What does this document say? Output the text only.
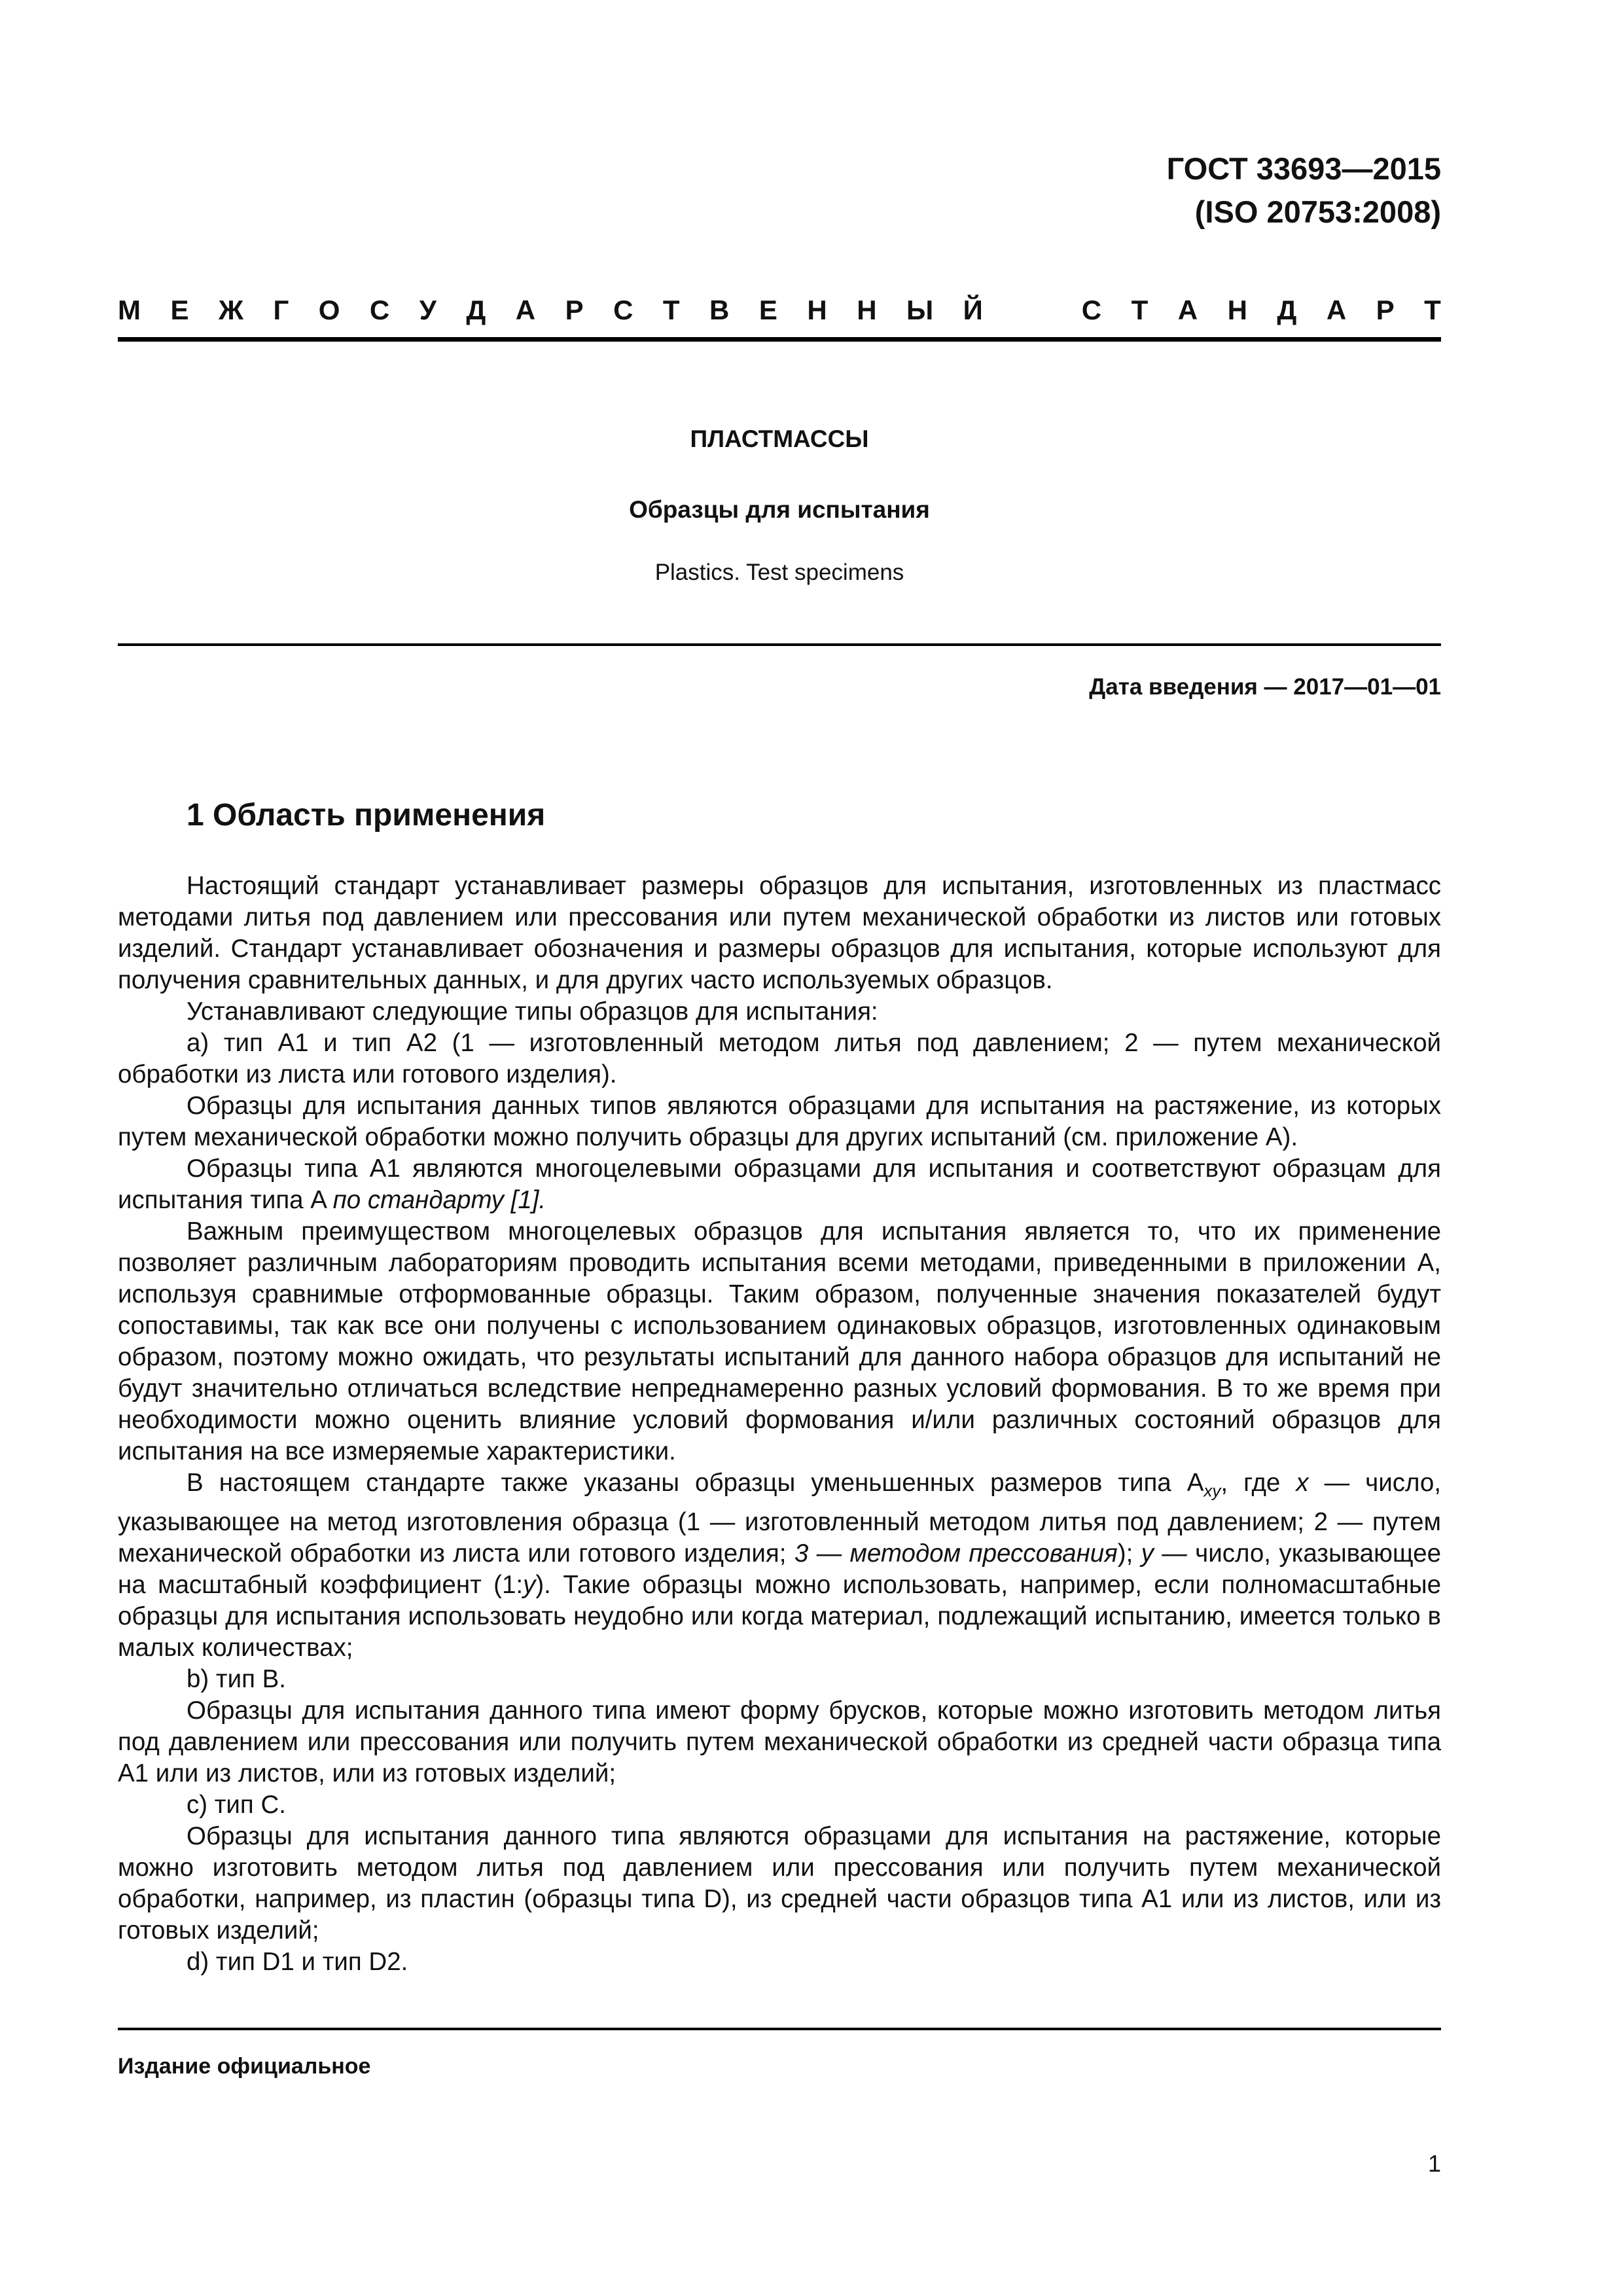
ГОСТ 33693—2015
(ISO 20753:2008)
М Е Ж Г О С У Д А Р С Т В Е Н Н Ы Й	С Т А Н Д А Р Т
ПЛАСТМАССЫ
Образцы для испытания
Plastics. Test specimens
Дата введения — 2017—01—01
1 Область применения

Настоящий стандарт устанавливает размеры образцов для испытания, изготовленных из пластмасс методами литья под давлением или прессования или путем механической обработки из листов или готовых изделий. Стандарт устанавливает обозначения и размеры образцов для испытания, которые используют для получения сравнительных данных, и для других часто используемых образцов.

Устанавливают следующие типы образцов для испытания:

a) тип A1 и тип A2 (1 — изготовленный методом литья под давлением; 2 — путем механической обработки из листа или готового изделия).

Образцы для испытания данных типов являются образцами для испытания на растяжение, из которых путем механической обработки можно получить образцы для других испытаний (см. приложение A).

Образцы типа A1 являются многоцелевыми образцами для испытания и соответствуют образцам для испытания типа A по стандарту [1].

Важным преимуществом многоцелевых образцов для испытания является то, что их применение позволяет различным лабораториям проводить испытания всеми методами, приведенными в приложении A, используя сравнимые отформованные образцы. Таким образом, полученные значения показателей будут сопоставимы, так как все они получены с использованием одинаковых образцов, изготовленных одинаковым образом, поэтому можно ожидать, что результаты испытаний для данного набора образцов для испытаний не будут значительно отличаться вследствие непреднамеренно разных условий формования. В то же время при необходимости можно оценить влияние условий формования и/или различных состояний образцов для испытания на все измеряемые характеристики.

В настоящем стандарте также указаны образцы уменьшенных размеров типа $A_{xy}$, где x — число, указывающее на метод изготовления образца (1 — изготовленный методом литья под давлением; 2 — путем механической обработки из листа или готового изделия; 3 — методом прессования); y — число, указывающее на масштабный коэффициент (1:y). Такие образцы можно использовать, например, если полномасштабные образцы для испытания использовать неудобно или когда материал, подлежащий испытанию, имеется только в малых количествах;

b) тип B.

Образцы для испытания данного типа имеют форму брусков, которые можно изготовить методом литья под давлением или прессования или получить путем механической обработки из средней части образца типа A1 или из листов, или из готовых изделий;

c) тип C.

Образцы для испытания данного типа являются образцами для испытания на растяжение, которые можно изготовить методом литья под давлением или прессования или получить путем механической обработки, например, из пластин (образцы типа D), из средней части образцов типа A1 или из листов, или из готовых изделий;

d) тип D1 и тип D2.

Издание официальное
1
